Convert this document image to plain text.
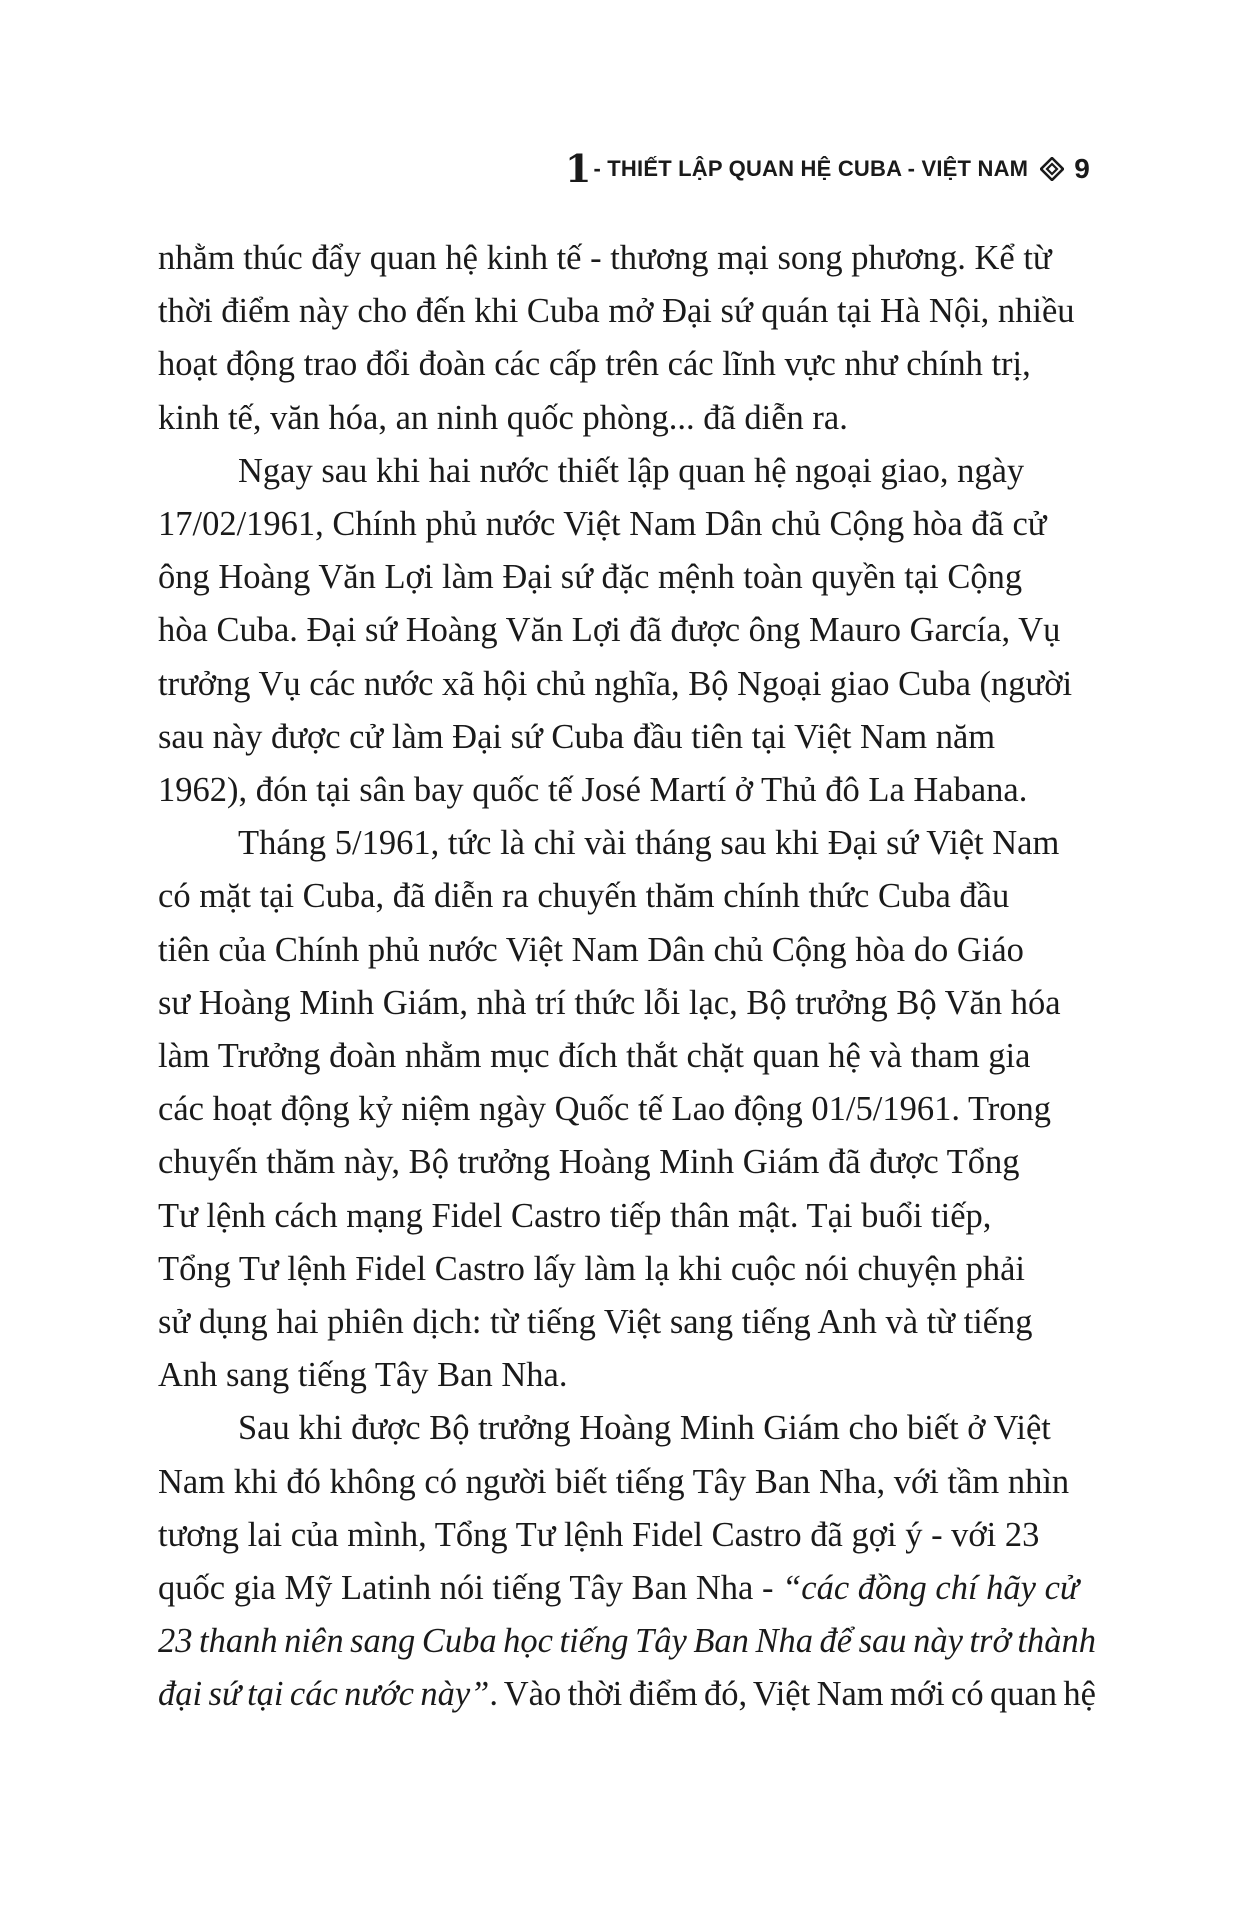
1 - THIẾT LẬP QUAN HỆ CUBA - VIỆT NAM 9

nhằm thúc đẩy quan hệ kinh tế - thương mại song phương. Kể từ
thời điểm này cho đến khi Cuba mở Đại sứ quán tại Hà Nội, nhiều
hoạt động trao đổi đoàn các cấp trên các lĩnh vực như chính trị,
kinh tế, văn hóa, an ninh quốc phòng... đã diễn ra.

Ngay sau khi hai nước thiết lập quan hệ ngoại giao, ngày
17/02/1961, Chính phủ nước Việt Nam Dân chủ Cộng hòa đã cử
ông Hoàng Văn Lợi làm Đại sứ đặc mệnh toàn quyền tại Cộng
hòa Cuba. Đại sứ Hoàng Văn Lợi đã được ông Mauro García, Vụ
trưởng Vụ các nước xã hội chủ nghĩa, Bộ Ngoại giao Cuba (người
sau này được cử làm Đại sứ Cuba đầu tiên tại Việt Nam năm
1962), đón tại sân bay quốc tế José Martí ở Thủ đô La Habana.

Tháng 5/1961, tức là chỉ vài tháng sau khi Đại sứ Việt Nam
có mặt tại Cuba, đã diễn ra chuyến thăm chính thức Cuba đầu
tiên của Chính phủ nước Việt Nam Dân chủ Cộng hòa do Giáo
sư Hoàng Minh Giám, nhà trí thức lỗi lạc, Bộ trưởng Bộ Văn hóa
làm Trưởng đoàn nhằm mục đích thắt chặt quan hệ và tham gia
các hoạt động kỷ niệm ngày Quốc tế Lao động 01/5/1961. Trong
chuyến thăm này, Bộ trưởng Hoàng Minh Giám đã được Tổng
Tư lệnh cách mạng Fidel Castro tiếp thân mật. Tại buổi tiếp,
Tổng Tư lệnh Fidel Castro lấy làm lạ khi cuộc nói chuyện phải
sử dụng hai phiên dịch: từ tiếng Việt sang tiếng Anh và từ tiếng
Anh sang tiếng Tây Ban Nha.

Sau khi được Bộ trưởng Hoàng Minh Giám cho biết ở Việt
Nam khi đó không có người biết tiếng Tây Ban Nha, với tầm nhìn
tương lai của mình, Tổng Tư lệnh Fidel Castro đã gợi ý - với 23
quốc gia Mỹ Latinh nói tiếng Tây Ban Nha - “các đồng chí hãy cử
23 thanh niên sang Cuba học tiếng Tây Ban Nha để sau này trở thành
đại sứ tại các nước này”. Vào thời điểm đó, Việt Nam mới có quan hệ
